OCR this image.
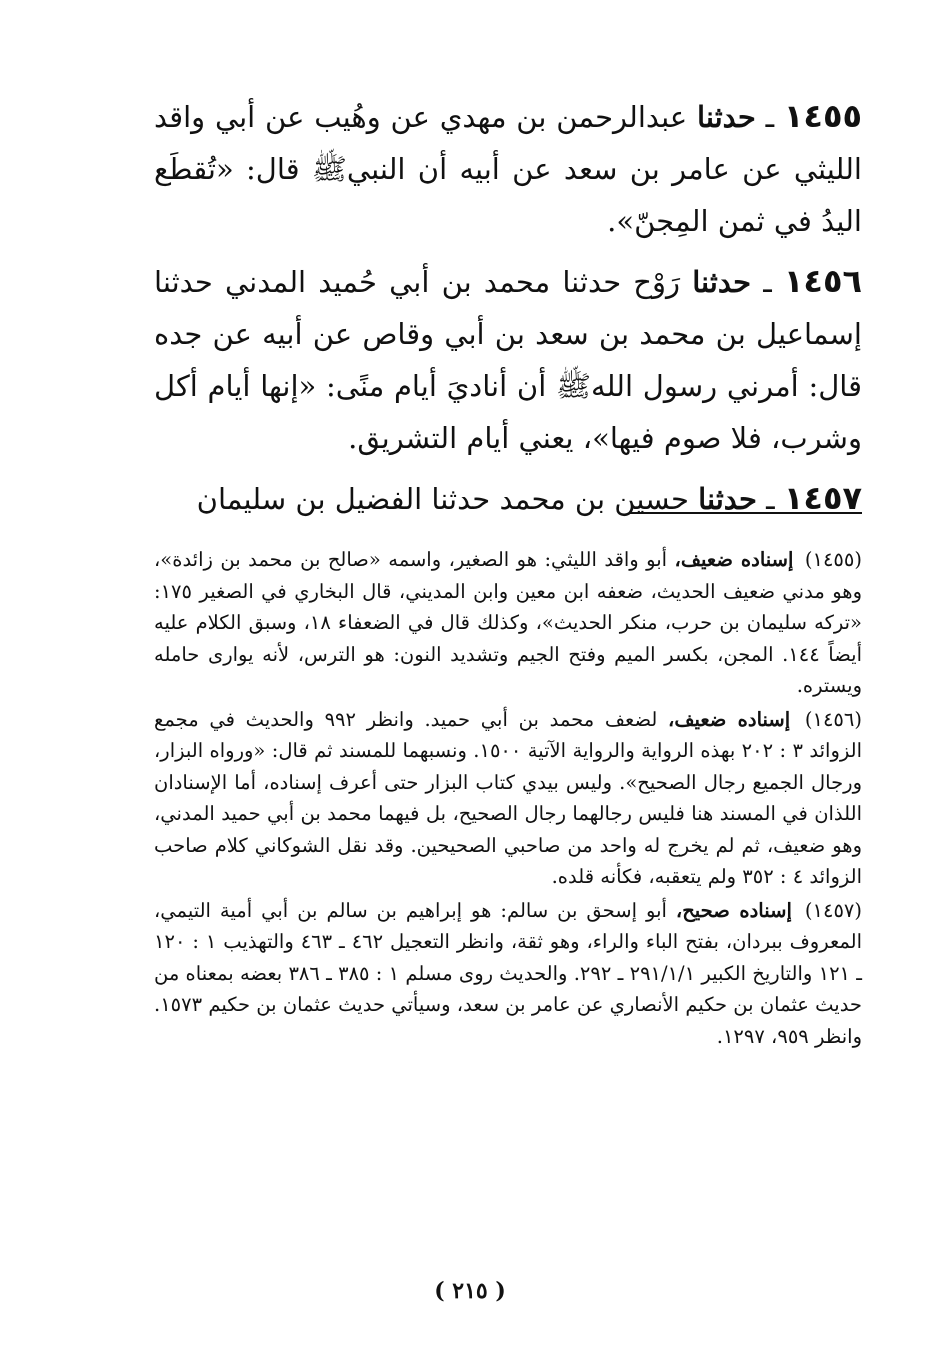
١٤٥٥ ـ حدثنا عبدالرحمن بن مهدي عن وهُيب عن أبي واقد الليثي عن عامر بن سعد عن أبيه أن النبيﷺ قال: «تُقطَع اليدُ في ثمن المِجنّ».

١٤٥٦ ـ حدثنا رَوْح حدثنا محمد بن أبي حُميد المدني حدثنا إسماعيل بن محمد بن سعد بن أبي وقاص عن أبيه عن جده قال: أمرني رسول اللهﷺ أن أناديَ أيام منًى: «إنها أيام أكل وشرب، فلا صوم فيها»، يعني أيام التشريق.

١٤٥٧ ـ حدثنا حسين بن محمد حدثنا الفضيل بن سليمان

(١٤٥٥) إسناده ضعيف، أبو واقد الليثي: هو الصغير، واسمه «صالح بن محمد بن زائدة»، وهو مدني ضعيف الحديث، ضعفه ابن معين وابن المديني، قال البخاري في الصغير ١٧٥: «تركه سليمان بن حرب، منكر الحديث»، وكذلك قال في الضعفاء ١٨، وسبق الكلام عليه أيضاً ١٤٤. المجن، بكسر الميم وفتح الجيم وتشديد النون: هو الترس، لأنه يوارى حامله ويستره.

(١٤٥٦) إسناده ضعيف، لضعف محمد بن أبي حميد. وانظر ٩٩٢ والحديث في مجمع الزوائد ٣ : ٢٠٢ بهذه الرواية والرواية الآتية ١٥٠٠. ونسبهما للمسند ثم قال: «ورواه البزار، ورجال الجميع رجال الصحيح». وليس بيدي كتاب البزار حتى أعرف إسناده، أما الإسنادان اللذان في المسند هنا فليس رجالهما رجال الصحيح، بل فيهما محمد بن أبي حميد المدني، وهو ضعيف، ثم لم يخرج له واحد من صاحبي الصحيحين. وقد نقل الشوكاني كلام صاحب الزوائد ٤ : ٣٥٢ ولم يتعقبه، فكأنه قلده.

(١٤٥٧) إسناده صحيح، أبو إسحق بن سالم: هو إبراهيم بن سالم بن أبي أمية التيمي، المعروف ببردان، بفتح الباء والراء، وهو ثقة، وانظر التعجيل ٤٦٢ ـ ٤٦٣ والتهذيب ١ : ١٢٠ ـ ١٢١ والتاريخ الكبير ٢٩١/١/١ ـ ٢٩٢. والحديث روى مسلم ١ : ٣٨٥ ـ ٣٨٦ بعضه بمعناه من حديث عثمان بن حكيم الأنصاري عن عامر بن سعد، وسيأتي حديث عثمان بن حكيم ١٥٧٣. وانظر ٩٥٩، ١٢٩٧.

( ٢١٥ )
